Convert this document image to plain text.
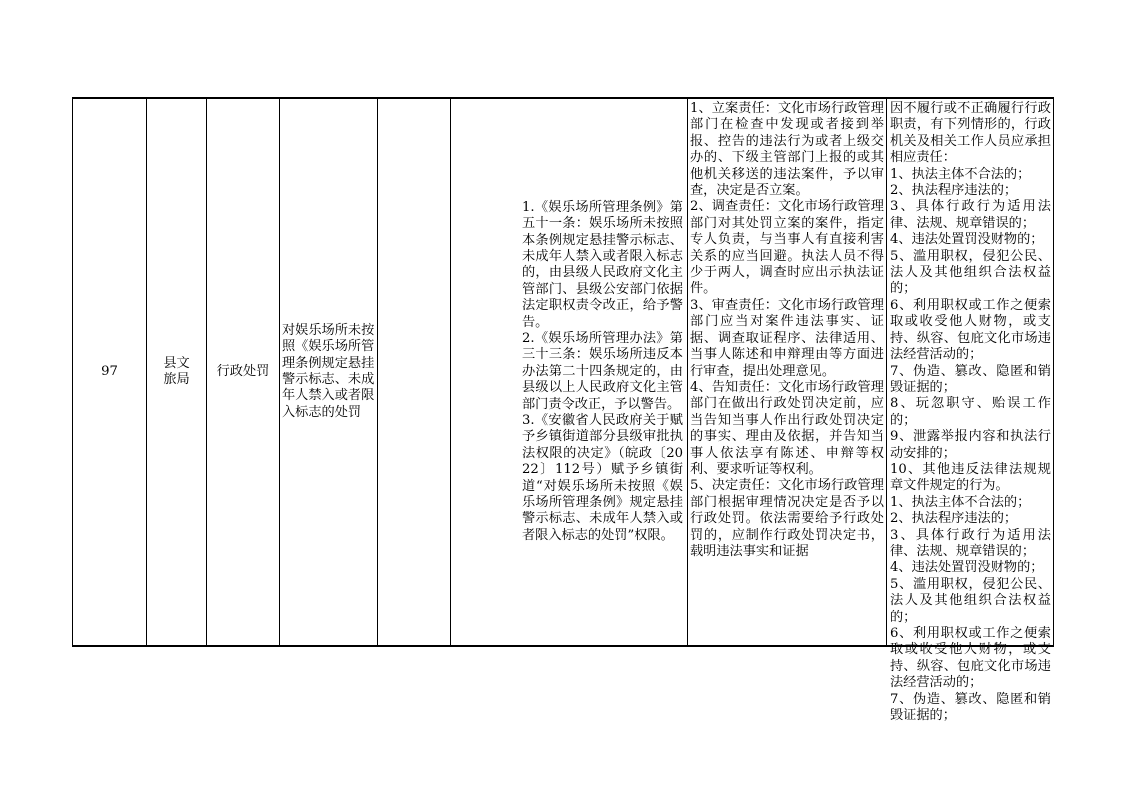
97
县文旅局
行政处罚
对娱乐场所未按照《娱乐场所管理条例规定悬挂警示标志、未成年人禁入或者限入标志的处罚
1.《娱乐场所管理条例》第五十一条：娱乐场所未按照本条例规定悬挂警示标志、未成年人禁入或者限入标志的，由县级人民政府文化主管部门、县级公安部门依据法定职权责令改正，给予警告。
2.《娱乐场所管理办法》第三十三条：娱乐场所违反本办法第二十四条规定的，由县级以上人民政府文化主管部门责令改正，予以警告。
3.《安徽省人民政府关于赋予乡镇街道部分县级审批执法权限的决定》（皖政〔2022〕112号）赋予乡镇街道“对娱乐场所未按照《娱乐场所管理条例》规定悬挂警示标志、未成年人禁入或者限入标志的处罚”权限。
1、立案责任：文化市场行政管理部门在检查中发现或者接到举报、控告的违法行为或者上级交办的、下级主管部门上报的或其他机关移送的违法案件，予以审查，决定是否立案。
2、调查责任：文化市场行政管理部门对其处罚立案的案件，指定专人负责，与当事人有直接利害关系的应当回避。执法人员不得少于两人，调查时应出示执法证件。
3、审查责任：文化市场行政管理部门应当对案件违法事实、证据、调查取证程序、法律适用、当事人陈述和申辩理由等方面进行审查，提出处理意见。
4、告知责任：文化市场行政管理部门在做出行政处罚决定前，应当告知当事人作出行政处罚决定的事实、理由及依据，并告知当事人依法享有陈述、申辩等权利、要求听证等权利。
5、决定责任：文化市场行政管理部门根据审理情况决定是否予以行政处罚。依法需要给予行政处罚的，应制作行政处罚决定书，载明违法事实和证据
因不履行或不正确履行行政职责，有下列情形的，行政机关及相关工作人员应承担相应责任：
1、执法主体不合法的；
2、执法程序违法的；
3、具体行政行为适用法律、法规、规章错误的；
4、违法处置罚没财物的；
5、滥用职权，侵犯公民、法人及其他组织合法权益的；
6、利用职权或工作之便索取或收受他人财物，或支持、纵容、包庇文化市场违法经营活动的；
7、伪造、篡改、隐匿和销毁证据的；
8、玩忽职守、贻误工作的；
9、泄露举报内容和执法行动安排的；
10、其他违反法律法规规章文件规定的行为。
1、执法主体不合法的；
2、执法程序违法的；
3、具体行政行为适用法律、法规、规章错误的；
4、违法处置罚没财物的；
5、滥用职权，侵犯公民、法人及其他组织合法权益的；
6、利用职权或工作之便索取或收受他人财物，或支持、纵容、包庇文化市场违法经营活动的；
7、伪造、篡改、隐匿和销毁证据的；
